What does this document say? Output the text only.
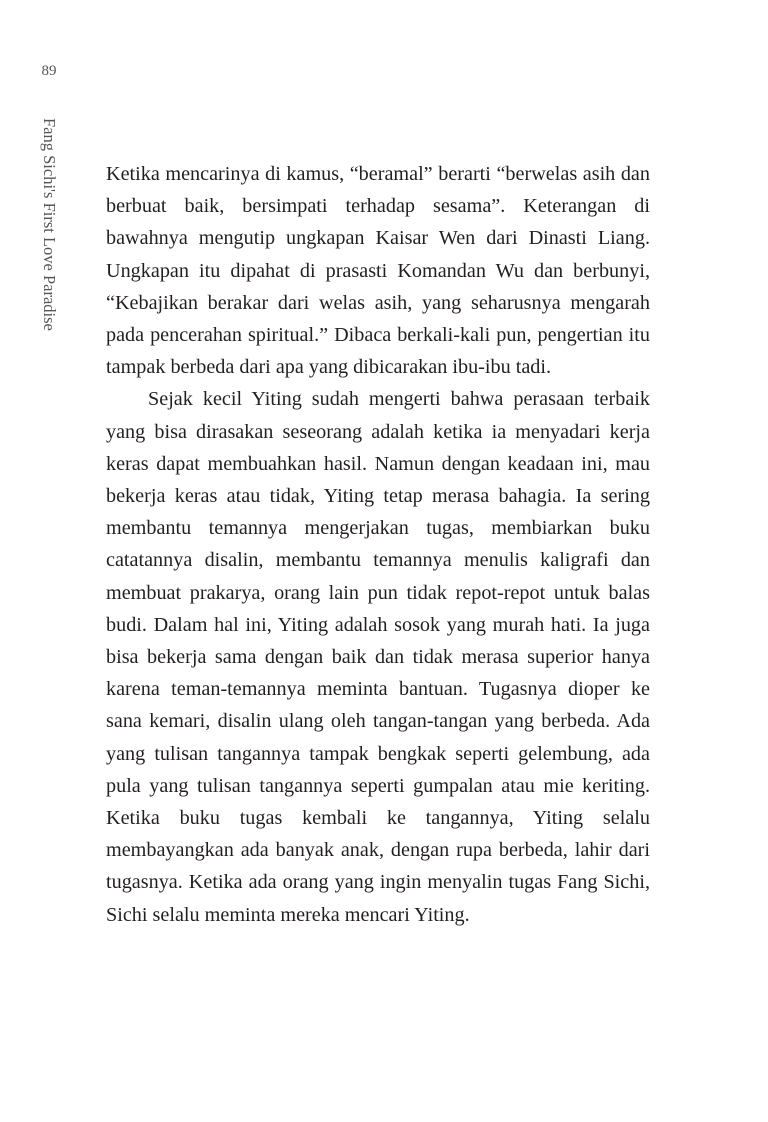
89
Fang Sichi's First Love Paradise Ketika mencarinya di kamus, “beramal” berarti “berwelas asih dan berbuat baik, bersimpati terhadap sesama”. Keterangan di bawahnya mengutip ungkapan Kaisar Wen dari Dinasti Liang. Ungkapan itu dipahat di prasasti Komandan Wu dan berbunyi, “Kebajikan berakar dari welas asih, yang seharusnya mengarah pada pencerahan spiritual.” Dibaca berkali-kali pun, pengertian itu tampak berbeda dari apa yang dibicarakan ibu-ibu tadi.

Sejak kecil Yiting sudah mengerti bahwa perasaan terbaik yang bisa dirasakan seseorang adalah ketika ia menyadari kerja keras dapat membuahkan hasil. Namun dengan keadaan ini, mau bekerja keras atau tidak, Yiting tetap merasa bahagia. Ia sering membantu temannya mengerjakan tugas, membiarkan buku catatannya disalin, membantu temannya menulis kaligrafi dan membuat prakarya, orang lain pun tidak repot-repot untuk balas budi. Dalam hal ini, Yiting adalah sosok yang murah hati. Ia juga bisa bekerja sama dengan baik dan tidak merasa superior hanya karena teman-temannya meminta bantuan. Tugasnya dioper ke sana kemari, disalin ulang oleh tangan-tangan yang berbeda. Ada yang tulisan tangannya tampak bengkak seperti gelembung, ada pula yang tulisan tangannya seperti gumpalan atau mie keriting. Ketika buku tugas kembali ke tangannya, Yiting selalu membayangkan ada banyak anak, dengan rupa berbeda, lahir dari tugasnya. Ketika ada orang yang ingin menyalin tugas Fang Sichi, Sichi selalu meminta mereka mencari Yiting.
